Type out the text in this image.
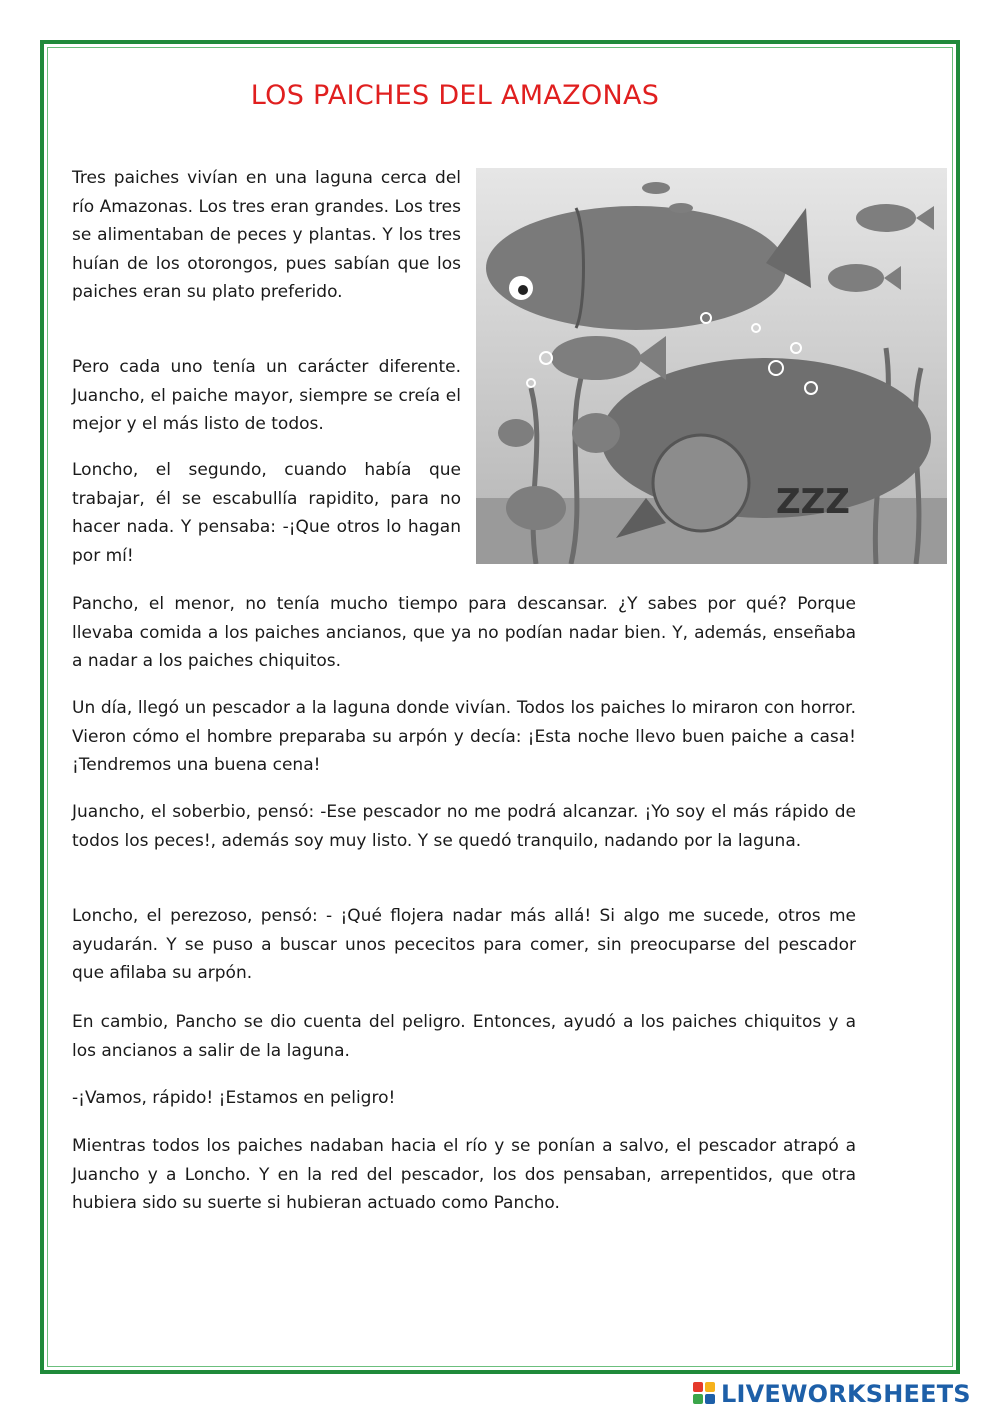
LOS PAICHES DEL AMAZONAS

Tres paiches vivían en una laguna cerca del río Amazonas. Los tres eran grandes. Los tres se alimentaban de peces y plantas. Y los tres huían de los otorongos, pues sabían que los paiches eran su plato preferido.

Pero cada uno tenía un carácter diferente. Juancho, el paiche mayor, siempre se creía el mejor y el más listo de todos.

Loncho, el segundo, cuando había que trabajar, él se escabullía rapidito, para no hacer nada. Y pensaba: -¡Que otros lo hagan por mí!

ZZZ

Pancho, el menor, no tenía mucho tiempo para descansar. ¿Y sabes por qué? Porque llevaba comida a los paiches ancianos, que ya no podían nadar bien. Y, además, enseñaba a nadar a los paiches chiquitos.

Un día, llegó un pescador a la laguna donde vivían. Todos los paiches lo miraron con horror. Vieron cómo el hombre preparaba su arpón y decía: ¡Esta noche llevo buen paiche a casa! ¡Tendremos una buena cena!

Juancho, el soberbio, pensó: -Ese pescador no me podrá alcanzar. ¡Yo soy el más rápido de todos los peces!, además soy muy listo. Y se quedó tranquilo, nadando por la laguna.

Loncho, el perezoso, pensó: - ¡Qué flojera nadar más allá! Si algo me sucede, otros me ayudarán. Y se puso a buscar unos pececitos para comer, sin preocuparse del pescador que afilaba su arpón.

En cambio, Pancho se dio cuenta del peligro. Entonces, ayudó a los paiches chiquitos y a los ancianos a salir de la laguna.

-¡Vamos, rápido! ¡Estamos en peligro!

Mientras todos los paiches nadaban hacia el río y se ponían a salvo, el pescador atrapó a Juancho y a Loncho. Y en la red del pescador, los dos pensaban, arrepentidos, que otra hubiera sido su suerte si hubieran actuado como Pancho.

LIVEWORKSHEETS
